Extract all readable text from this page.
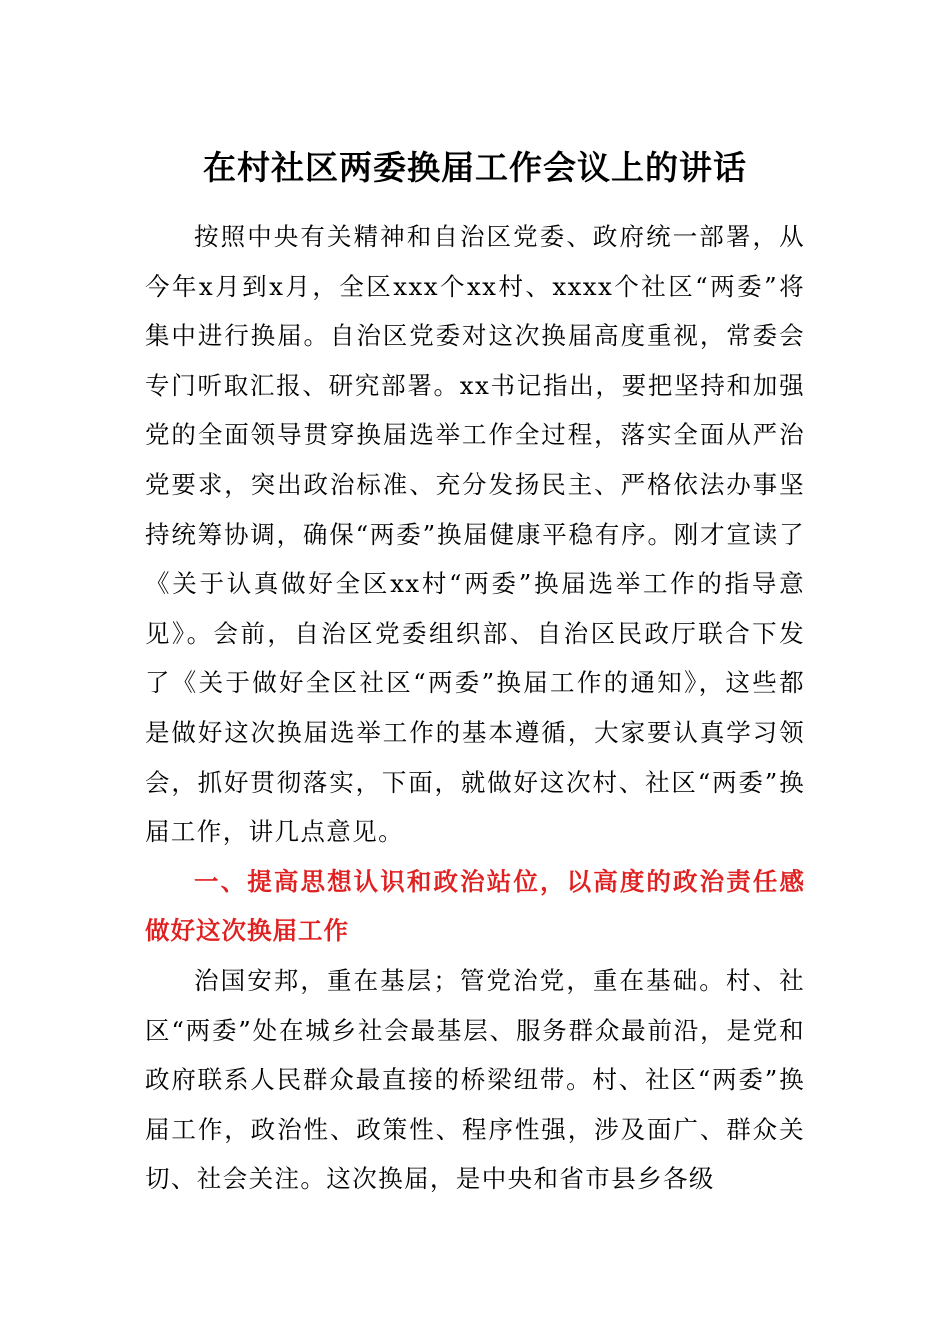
在村社区两委换届工作会议上的讲话

按照中央有关精神和自治区党委、政府统一部署，从今年x月到x月，全区xxx个xx村、xxxx个社区“两委”将集中进行换届。自治区党委对这次换届高度重视，常委会专门听取汇报、研究部署。xx书记指出，要把坚持和加强党的全面领导贯穿换届选举工作全过程，落实全面从严治党要求，突出政治标准、充分发扬民主、严格依法办事坚持统筹协调，确保“两委”换届健康平稳有序。刚才宣读了《关于认真做好全区xx村“两委”换届选举工作的指导意见》。会前，自治区党委组织部、自治区民政厅联合下发了《关于做好全区社区“两委”换届工作的通知》，这些都是做好这次换届选举工作的基本遵循，大家要认真学习领会，抓好贯彻落实，下面，就做好这次村、社区“两委”换届工作，讲几点意见。

一、提高思想认识和政治站位，以高度的政治责任感做好这次换届工作

治国安邦，重在基层；管党治党，重在基础。村、社区“两委”处在城乡社会最基层、服务群众最前沿，是党和政府联系人民群众最直接的桥梁纽带。村、社区“两委”换届工作，政治性、政策性、程序性强，涉及面广、群众关切、社会关注。这次换届，是中央和省市县乡各级
